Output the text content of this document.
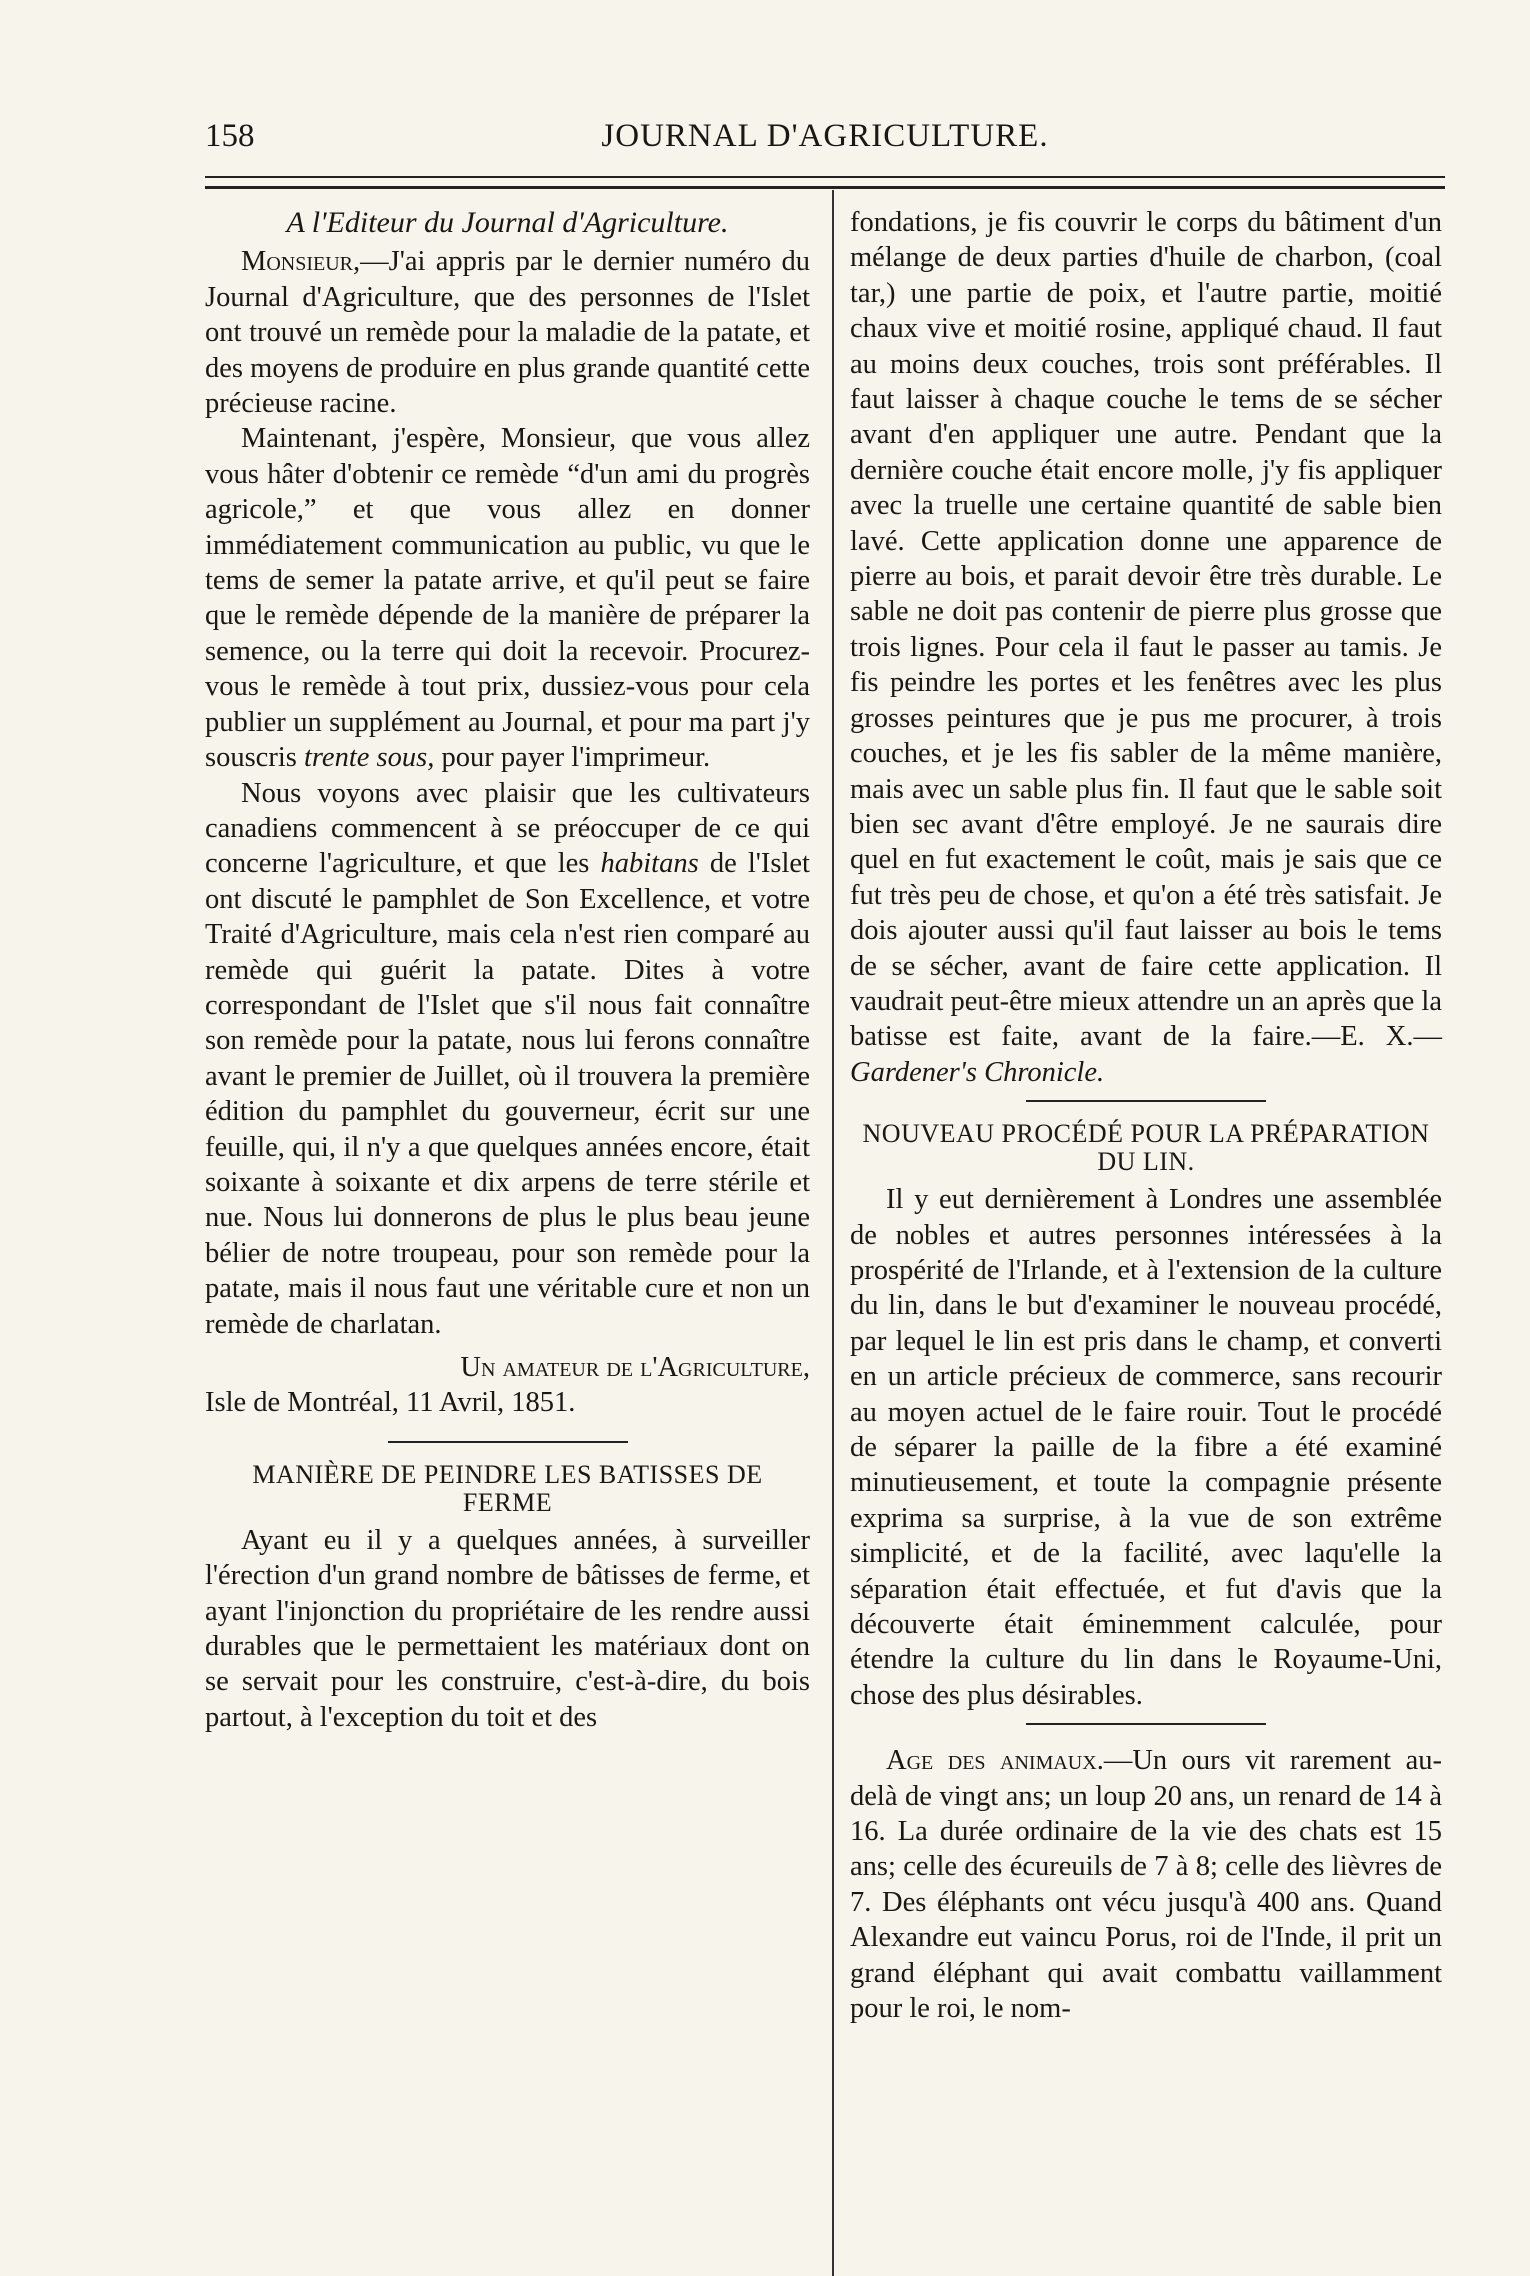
158	JOURNAL D'AGRICULTURE.

A l'Editeur du Journal d'Agriculture.

Monsieur,—J'ai appris par le dernier numéro du Journal d'Agriculture, que des personnes de l'Islet ont trouvé un remède pour la maladie de la patate, et des moyens de produire en plus grande quantité cette précieuse racine.

Maintenant, j'espère, Monsieur, que vous allez vous hâter d'obtenir ce remède “d'un ami du progrès agricole,” et que vous allez en donner immédiatement communication au public, vu que le tems de semer la patate arrive, et qu'il peut se faire que le remède dépende de la manière de préparer la semence, ou la terre qui doit la recevoir. Procurez-vous le remède à tout prix, dussiez-vous pour cela publier un supplément au Journal, et pour ma part j'y souscris trente sous, pour payer l'imprimeur.

Nous voyons avec plaisir que les cultivateurs canadiens commencent à se préoccuper de ce qui concerne l'agriculture, et que les habitans de l'Islet ont discuté le pamphlet de Son Excellence, et votre Traité d'Agriculture, mais cela n'est rien comparé au remède qui guérit la patate. Dites à votre correspondant de l'Islet que s'il nous fait connaître son remède pour la patate, nous lui ferons connaître avant le premier de Juillet, où il trouvera la première édition du pamphlet du gouverneur, écrit sur une feuille, qui, il n'y a que quelques années encore, était soixante à soixante et dix arpens de terre stérile et nue. Nous lui donnerons de plus le plus beau jeune bélier de notre troupeau, pour son remède pour la patate, mais il nous faut une véritable cure et non un remède de charlatan.

Un amateur de l'Agriculture,

Isle de Montréal, 11 Avril, 1851.

MANIÈRE DE PEINDRE LES BATISSES DE FERME

Ayant eu il y a quelques années, à surveiller l'érection d'un grand nombre de bâtisses de ferme, et ayant l'injonction du propriétaire de les rendre aussi durables que le permettaient les matériaux dont on se servait pour les construire, c'est-à-dire, du bois partout, à l'exception du toit et des

fondations, je fis couvrir le corps du bâtiment d'un mélange de deux parties d'huile de charbon, (coal tar,) une partie de poix, et l'autre partie, moitié chaux vive et moitié rosine, appliqué chaud. Il faut au moins deux couches, trois sont préférables. Il faut laisser à chaque couche le tems de se sécher avant d'en appliquer une autre. Pendant que la dernière couche était encore molle, j'y fis appliquer avec la truelle une certaine quantité de sable bien lavé. Cette application donne une apparence de pierre au bois, et parait devoir être très durable. Le sable ne doit pas contenir de pierre plus grosse que trois lignes. Pour cela il faut le passer au tamis. Je fis peindre les portes et les fenêtres avec les plus grosses peintures que je pus me procurer, à trois couches, et je les fis sabler de la même manière, mais avec un sable plus fin. Il faut que le sable soit bien sec avant d'être employé. Je ne saurais dire quel en fut exactement le coût, mais je sais que ce fut très peu de chose, et qu'on a été très satisfait. Je dois ajouter aussi qu'il faut laisser au bois le tems de se sécher, avant de faire cette application. Il vaudrait peut-être mieux attendre un an après que la batisse est faite, avant de la faire.—E. X.—Gardener's Chronicle.

NOUVEAU PROCÉDÉ POUR LA PRÉPARATION DU LIN.

Il y eut dernièrement à Londres une assemblée de nobles et autres personnes intéressées à la prospérité de l'Irlande, et à l'extension de la culture du lin, dans le but d'examiner le nouveau procédé, par lequel le lin est pris dans le champ, et converti en un article précieux de commerce, sans recourir au moyen actuel de le faire rouir. Tout le procédé de séparer la paille de la fibre a été examiné minutieusement, et toute la compagnie présente exprima sa surprise, à la vue de son extrême simplicité, et de la facilité, avec laqu'elle la séparation était effectuée, et fut d'avis que la découverte était éminemment calculée, pour étendre la culture du lin dans le Royaume-Uni, chose des plus désirables.

Age des animaux.—Un ours vit rarement au-delà de vingt ans; un loup 20 ans, un renard de 14 à 16. La durée ordinaire de la vie des chats est 15 ans; celle des écureuils de 7 à 8; celle des lièvres de 7. Des éléphants ont vécu jusqu'à 400 ans. Quand Alexandre eut vaincu Porus, roi de l'Inde, il prit un grand éléphant qui avait combattu vaillamment pour le roi, le nom-
